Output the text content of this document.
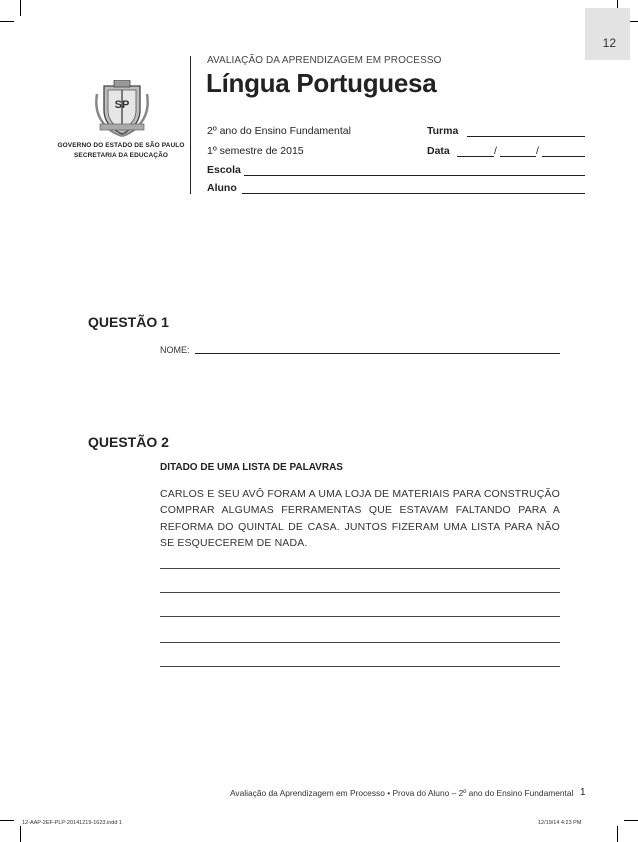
12
SP
GOVERNO DO ESTADO DE SÃO PAULO
SECRETARIA DA EDUCAÇÃO
AVALIAÇÃO DA APRENDIZAGEM EM PROCESSO
Língua Portuguesa
2º ano do Ensino Fundamental
1º semestre de 2015
Turma
Data	/	/
Escola
Aluno
QUESTÃO 1
NOME:
QUESTÃO 2
DITADO DE UMA LISTA DE PALAVRAS
CARLOS E SEU AVÔ FORAM A UMA LOJA DE MATERIAIS PARA CONSTRUÇÃO COMPRAR ALGUMAS FERRAMENTAS QUE ESTAVAM FALTANDO PARA A REFORMA DO QUINTAL DE CASA. JUNTOS FIZERAM UMA LISTA PARA NÃO SE ESQUECEREM DE NADA.
Avaliação da Aprendizagem em Processo • Prova do Aluno – 2º ano do Ensino Fundamental 1
12-AAP-2EF-PLP-20141219-1623.indd 1	12/19/14 4:23 PM
